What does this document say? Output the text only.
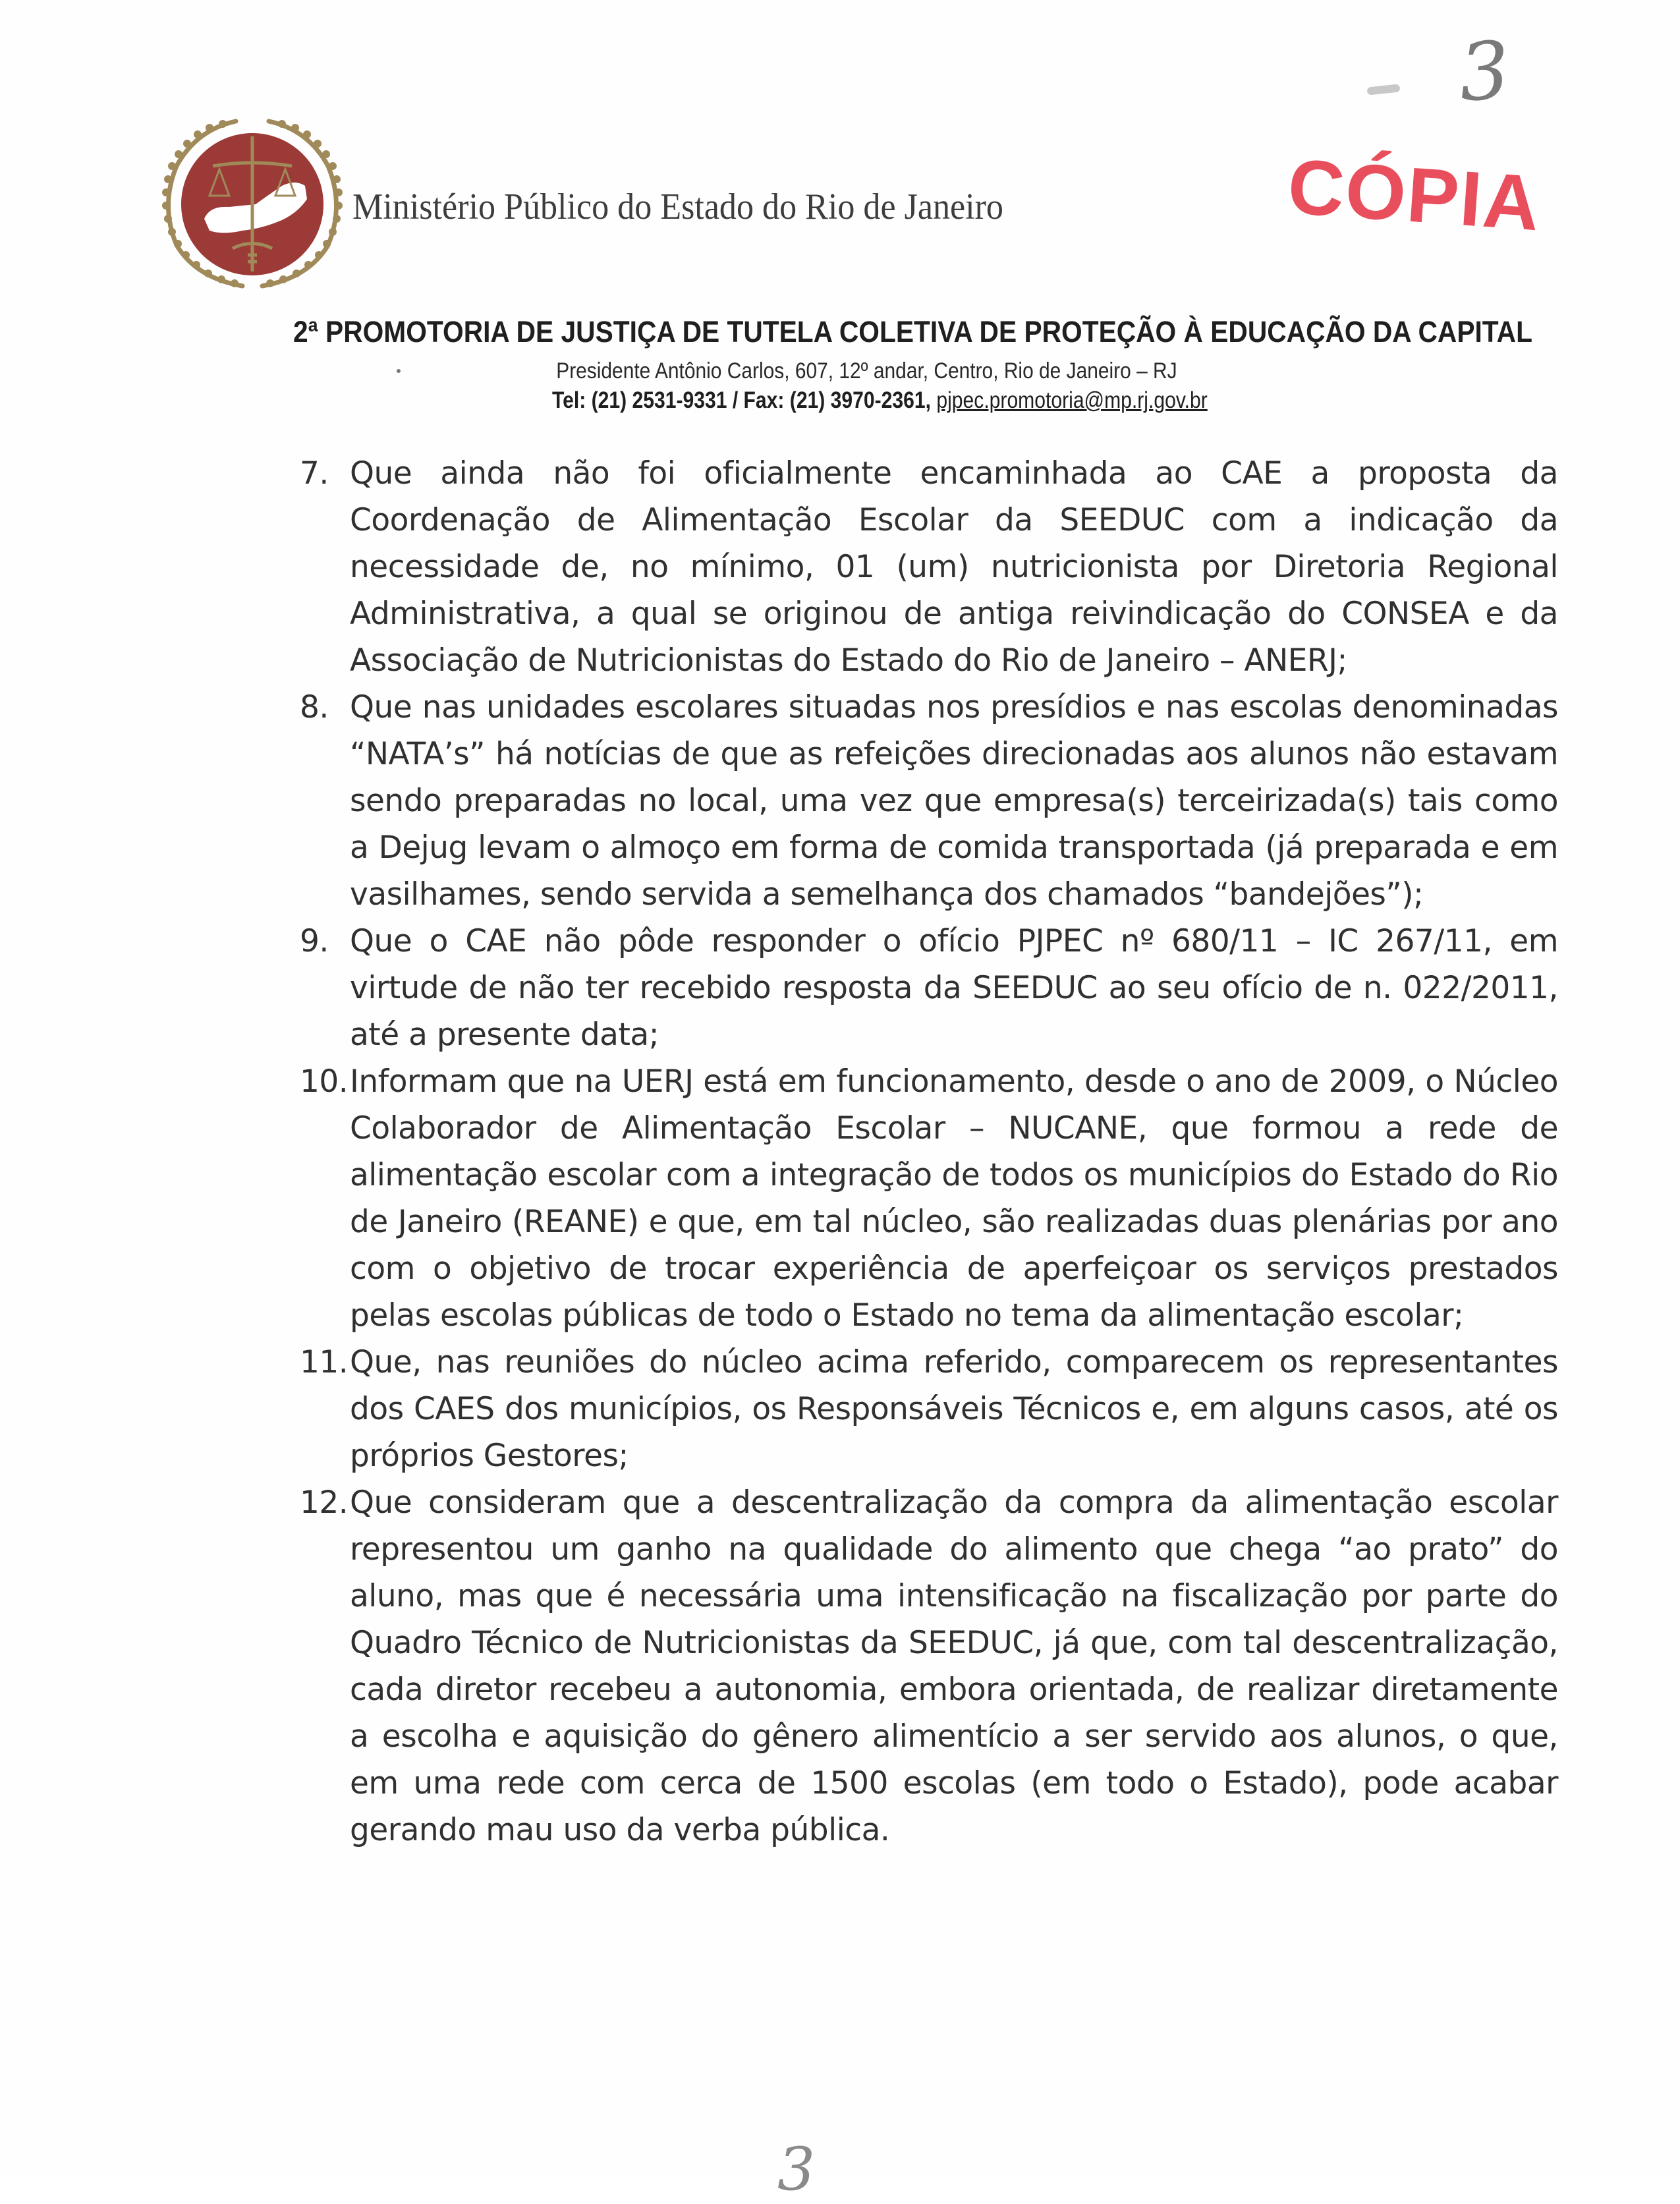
3
CÓPIA
Ministério Público do Estado do Rio de Janeiro
2ª PROMOTORIA DE JUSTIÇA DE TUTELA COLETIVA DE PROTEÇÃO À EDUCAÇÃO DA CAPITAL
Presidente Antônio Carlos, 607, 12º andar, Centro, Rio de Janeiro – RJ
Tel: (21) 2531-9331 / Fax: (21) 3970-2361, pjpec.promotoria@mp.rj.gov.br
7. Que ainda não foi oficialmente encaminhada ao CAE a proposta da Coordenação de Alimentação Escolar da SEEDUC com a indicação da necessidade de, no mínimo, 01 (um) nutricionista por Diretoria Regional Administrativa, a qual se originou de antiga reivindicação do CONSEA e da Associação de Nutricionistas do Estado do Rio de Janeiro – ANERJ;
8. Que nas unidades escolares situadas nos presídios e nas escolas denominadas “NATA’s” há notícias de que as refeições direcionadas aos alunos não estavam sendo preparadas no local, uma vez que empresa(s) terceirizada(s) tais como a Dejug levam o almoço em forma de comida transportada (já preparada e em vasilhames, sendo servida a semelhança dos chamados “bandejões”);
9. Que o CAE não pôde responder o ofício PJPEC nº 680/11 – IC 267/11, em virtude de não ter recebido resposta da SEEDUC ao seu ofício de n. 022/2011, até a presente data;
10. Informam que na UERJ está em funcionamento, desde o ano de 2009, o Núcleo Colaborador de Alimentação Escolar – NUCANE, que formou a rede de alimentação escolar com a integração de todos os municípios do Estado do Rio de Janeiro (REANE) e que, em tal núcleo, são realizadas duas plenárias por ano com o objetivo de trocar experiência de aperfeiçoar os serviços prestados pelas escolas públicas de todo o Estado no tema da alimentação escolar;
11. Que, nas reuniões do núcleo acima referido, comparecem os representantes dos CAES dos municípios, os Responsáveis Técnicos e, em alguns casos, até os próprios Gestores;
12. Que consideram que a descentralização da compra da alimentação escolar representou um ganho na qualidade do alimento que chega “ao prato” do aluno, mas que é necessária uma intensificação na fiscalização por parte do Quadro Técnico de Nutricionistas da SEEDUC, já que, com tal descentralização, cada diretor recebeu a autonomia, embora orientada, de realizar diretamente a escolha e aquisição do gênero alimentício a ser servido aos alunos, o que, em uma rede com cerca de 1500 escolas (em todo o Estado), pode acabar gerando mau uso da verba pública.
3
